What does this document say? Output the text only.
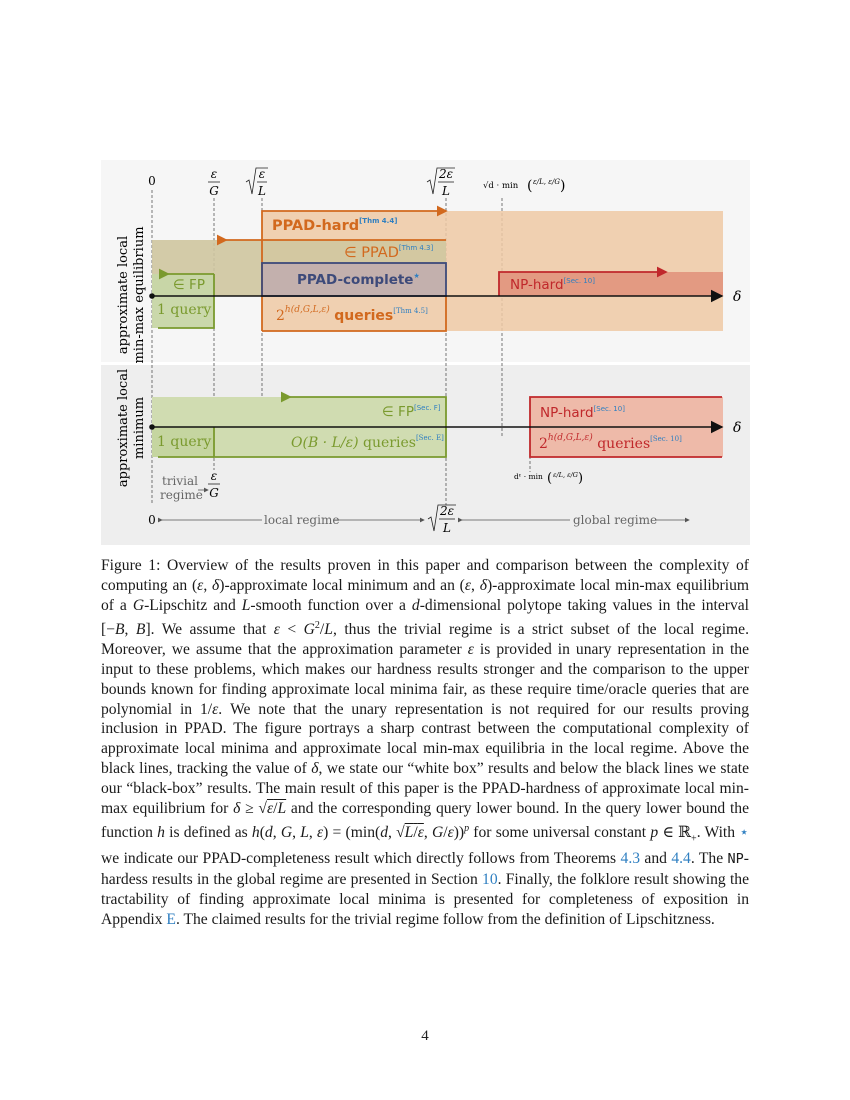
approximate local min-max equilibrium
approximate local minimum
0	ε
G
ε
L
2ε
L	√d · min ( ε/L, ε/G )
PPAD-hard[Thm 4.4]
∈ PPAD[Thm 4.3]
PPAD-complete★
NP-hard[Sec. 10]
∈ FP
1 query	$2^{h(d,G,L,\varepsilon)}$ queries[Thm 4.5]
δ
∈ FP[Sec. F]
1 query	O(B · L/ε) queries[Sec. E]
NP-hard[Sec. 10]
$2^{h(d,G,L,\varepsilon)}$ queries[Sec. 10]
δ
dᵋ · min ( ε/L, ε/G )
trivial
regime
ε
G
0	local regime
2ε
L
global regime
Figure 1: Overview of the results proven in this paper and comparison between the complexity of computing an (ε, δ)-approximate local minimum and an (ε, δ)-approximate local min-max equilibrium of a G-Lipschitz and L-smooth function over a d-dimensional polytope taking values in the interval [−B, B]. We assume that $\varepsilon < G^2/L$, thus the trivial regime is a strict subset of the local regime. Moreover, we assume that the approximation parameter ε is provided in unary representation in the input to these problems, which makes our hardness results stronger and the comparison to the upper bounds known for finding approximate local minima fair, as these require time/oracle queries that are polynomial in 1/ε. We note that the unary representation is not required for our results proving inclusion in PPAD. The figure portrays a sharp contrast between the computational complexity of approximate local minima and approximate local min-max equilibria in the local regime. Above the black lines, tracking the value of δ, we state our “white box” results and below the black lines we state our “black-box” results. The main result of this paper is the PPAD-hardness of approximate local min-max equilibrium for δ ≥ √ε/L and the corresponding query lower bound. In the query lower bound the function h is defined as h(d, G, L, ε) = (min(d, √L/ε, G/ε))$^p$ for some universal constant p ∈ ℝ$_+$. With ⋆ we indicate our PPAD-completeness result which directly follows from Theorems 4.3 and 4.4. The NP-hardess results in the global regime are presented in Section 10. Finally, the folklore result showing the tractability of finding approximate local minima is presented for completeness of exposition in Appendix E. The claimed results for the trivial regime follow from the definition of Lipschitzness.
4
